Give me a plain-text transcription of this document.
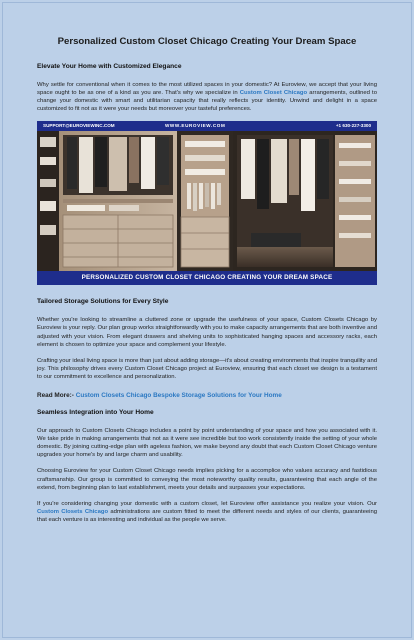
Personalized Custom Closet Chicago Creating Your Dream Space
Elevate Your Home with Customized Elegance

Why settle for conventional when it comes to the most utilized spaces in your domestic? At Euroview, we accept that your living space ought to be as one of a kind as you are. That's why we specialize in Custom Closet Chicago arrangements, outlined to change your domestic with smart and utilitarian capacity that really reflects your identity. Unwind and delight in a space customized to fit not as it were your needs but moreover your tasteful preferences.

SUPPORT@EUROVIEWINC.COM	WWW.EUROVIEW.COM	+1 630-227-3300
PERSONALIZED CUSTOM CLOSET CHICAGO CREATING YOUR DREAM SPACE
Tailored Storage Solutions for Every Style

Whether you're looking to streamline a cluttered zone or upgrade the usefulness of your space, Custom Closets Chicago by Euroview is your reply. Our plan group works straightforwardly with you to make capacity arrangements that are both inventive and adjusted with your vision. From elegant drawers and shelving units to sophisticated hanging spaces and accessory racks, each element is chosen to optimize your space and complement your lifestyle.

Crafting your ideal living space is more than just about adding storage—it's about creating environments that inspire tranquility and joy. This philosophy drives every Custom Closet Chicago project at Euroview, ensuring that each closet we design is a testament to our commitment to excellence and personalization.

Read More:- Custom Closets Chicago Bespoke Storage Solutions for Your Home

Seamless Integration into Your Home

Our approach to Custom Closets Chicago includes a point by point understanding of your space and how you associated with it. We take pride in making arrangements that not as it were see incredible but too work consistently inside the setting of your whole domestic. By joining cutting-edge plan with ageless fashion, we make beyond any doubt that each Custom Closet Chicago venture upgrades your home's by and large charm and usability.

Choosing Euroview for your Custom Closet Chicago needs implies picking for a accomplice who values accuracy and fastidious craftsmanship. Our group is committed to conveying the most noteworthy quality results, guaranteeing that each angle of the extend, from beginning plan to last establishment, meets your details and surpasses your expectations.

If you're considering changing your domestic with a custom closet, let Euroview offer assistance you realize your vision. Our Custom Closets Chicago administrations are custom fitted to meet the different needs and styles of our clients, guaranteeing that each venture is as interesting and individual as the people we serve.
